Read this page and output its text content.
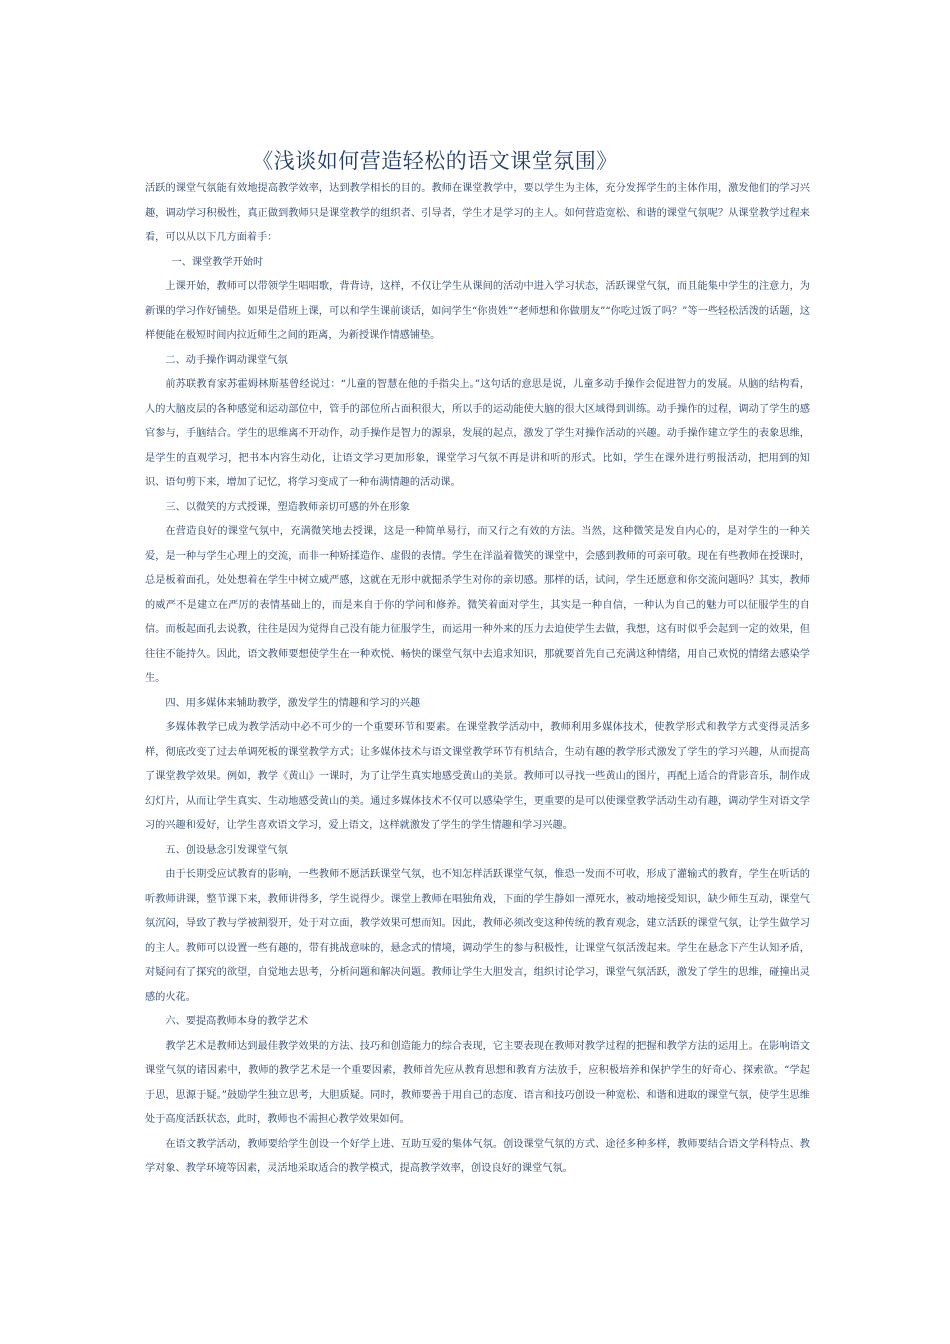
《浅谈如何营造轻松的语文课堂氛围》

活跃的课堂气氛能有效地提高教学效率，达到教学相长的目的。教师在课堂教学中，要以学生为主体，充分发挥学生的主体作用，激发他们的学习兴趣，调动学习积极性，真正做到教师只是课堂教学的组织者、引导者，学生才是学习的主人。如何营造宽松、和谐的课堂气氛呢？从课堂教学过程来看，可以从以下几方面着手：

一、课堂教学开始时

上课开始，教师可以带领学生唱唱歌，背背诗，这样，不仅让学生从课间的活动中进入学习状态，活跃课堂气氛，而且能集中学生的注意力，为新课的学习作好铺垫。如果是借班上课，可以和学生课前谈话，如问学生“你贵姓”“老师想和你做朋友”“你吃过饭了吗？”等一些轻松活泼的话题，这样便能在极短时间内拉近师生之间的距离，为新授课作情感铺垫。

二、动手操作调动课堂气氛

前苏联教育家苏霍姆林斯基曾经说过：“儿童的智慧在他的手指尖上。”这句话的意思是说，儿童多动手操作会促进智力的发展。从脑的结构看，人的大脑皮层的各种感觉和运动部位中，管手的部位所占面积很大，所以手的运动能使大脑的很大区域得到训练。动手操作的过程，调动了学生的感官参与，手脑结合。学生的思维离不开动作，动手操作是智力的源泉，发展的起点，激发了学生对操作活动的兴趣。动手操作建立学生的表象思维，是学生的直观学习，把书本内容生动化，让语文学习更加形象，课堂学习气氛不再是讲和听的形式。比如，学生在课外进行剪报活动，把用到的知识、语句剪下来，增加了记忆，将学习变成了一种布满情趣的活动课。

三、以微笑的方式授课，塑造教师亲切可感的外在形象

在营造良好的课堂气氛中，充满微笑地去授课，这是一种简单易行，而又行之有效的方法。当然，这种微笑是发自内心的，是对学生的一种关爱，是一种与学生心理上的交流，而非一种矫揉造作、虚假的表情。学生在洋溢着微笑的课堂中，会感到教师的可亲可敬。现在有些教师在授课时，总是板着面孔，处处想着在学生中树立威严感，这就在无形中就掘杀学生对你的亲切感。那样的话，试问，学生还愿意和你交流问题吗？其实，教师的威严不是建立在严厉的表情基础上的，而是来自于你的学问和修养。微笑着面对学生，其实是一种自信，一种认为自己的魅力可以征服学生的自信。而板起面孔去说教，往往是因为觉得自己没有能力征服学生，而运用一种外来的压力去迫使学生去做，我想，这有时似乎会起到一定的效果，但往往不能持久。因此，语文教师要想使学生在一种欢悦、畅快的课堂气氛中去追求知识，那就要首先自己充满这种情绪，用自己欢悦的情绪去感染学生。

四、用多媒体来辅助教学，激发学生的情趣和学习的兴趣

多媒体教学已成为教学活动中必不可少的一个重要环节和要素。在课堂教学活动中，教师利用多媒体技术，使教学形式和教学方式变得灵活多样，彻底改变了过去单调死板的课堂教学方式；让多媒体技术与语文课堂教学环节有机结合，生动有趣的教学形式激发了学生的学习兴趣，从而提高了课堂教学效果。例如，教学《黄山》一课时，为了让学生真实地感受黄山的美景。教师可以寻找一些黄山的图片，再配上适合的背影音乐，制作成幻灯片，从而让学生真实、生动地感受黄山的美。通过多媒体技术不仅可以感染学生，更重要的是可以使课堂教学活动生动有趣，调动学生对语文学习的兴趣和爱好，让学生喜欢语文学习，爱上语文，这样就激发了学生的学生情趣和学习兴趣。

五、创设悬念引发课堂气氛

由于长期受应试教育的影响，一些教师不愿活跃课堂气氛，也不知怎样活跃课堂气氛，惟恐一发而不可收，形成了灌输式的教育，学生在听话的听教师讲课，整节课下来，教师讲得多，学生说得少。课堂上教师在唱独角戏，下面的学生静如一潭死水，被动地接受知识，缺少师生互动，课堂气氛沉闷，导致了教与学被割裂开，处于对立面，教学效果可想而知。因此，教师必须改变这种传统的教育观念，建立活跃的课堂气氛，让学生做学习的主人。教师可以设置一些有趣的，带有挑战意味的，悬念式的情境，调动学生的参与积极性，让课堂气氛活泼起来。学生在悬念下产生认知矛盾，对疑问有了探究的欲望，自觉地去思考，分析问题和解决问题。教师让学生大胆发言，组织讨论学习，课堂气氛活跃，激发了学生的思维，碰撞出灵感的火花。

六、要提高教师本身的教学艺术

教学艺术是教师达到最佳教学效果的方法、技巧和创造能力的综合表现，它主要表现在教师对教学过程的把握和教学方法的运用上。在影响语文课堂气氛的诸因素中，教师的教学艺术是一个重要因素，教师首先应从教育思想和教育方法放手，应积极培养和保护学生的好奇心、探索欲。“学起于思，思源于疑。”鼓励学生独立思考，大胆质疑。同时，教师要善于用自己的态度、语言和技巧创设一种宽松、和谐和进取的课堂气氛，使学生思维处于高度活跃状态，此时，教师也不需担心教学效果如何。

在语文教学活动，教师要给学生创设一个好学上进、互助互爱的集体气氛。创设课堂气氛的方式、途径多种多样，教师要结合语文学科特点、教学对象、教学环境等因素，灵活地采取适合的教学模式，提高教学效率，创设良好的课堂气氛。
